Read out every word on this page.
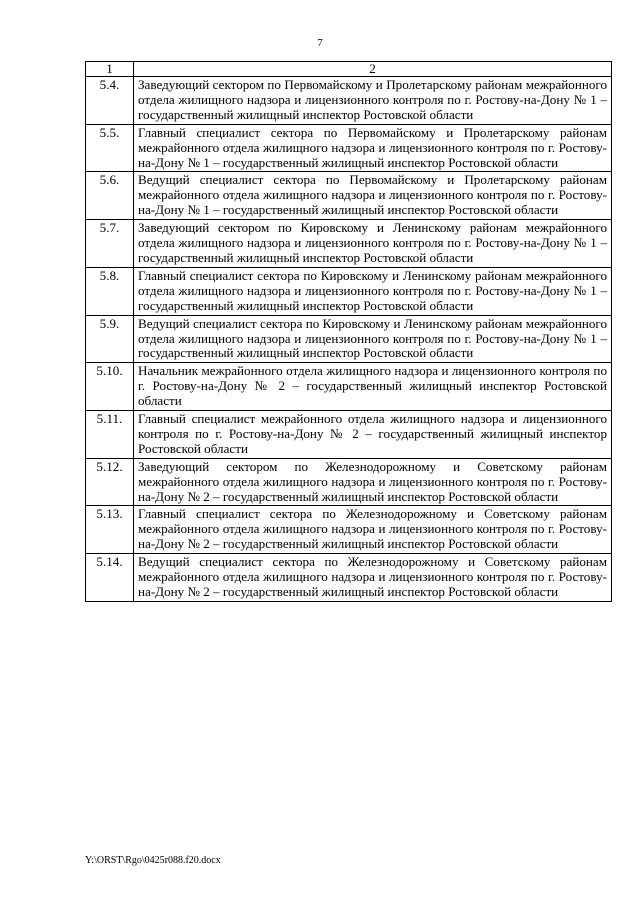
7
1	2
5.4.	Заведующий сектором по Первомайскому и Пролетарскому районам межрайонного отдела жилищного надзора и лицензионного контроля по г. Ростову-на-Дону № 1 – государственный жилищный инспектор Ростовской области
5.5.	Главный специалист сектора по Первомайскому и Пролетарскому районам межрайонного отдела жилищного надзора и лицензионного контроля по г. Ростову-на-Дону № 1 – государственный жилищный инспектор Ростовской области
5.6.	Ведущий специалист сектора по Первомайскому и Пролетарскому районам межрайонного отдела жилищного надзора и лицензионного контроля по г. Ростову-на-Дону № 1 – государственный жилищный инспектор Ростовской области
5.7.	Заведующий сектором по Кировскому и Ленинскому районам межрайонного отдела жилищного надзора и лицензионного контроля по г. Ростову-на-Дону № 1 – государственный жилищный инспектор Ростовской области
5.8.	Главный специалист сектора по Кировскому и Ленинскому районам межрайонного отдела жилищного надзора и лицензионного контроля по г. Ростову-на-Дону № 1 – государственный жилищный инспектор Ростовской области
5.9.	Ведущий специалист сектора по Кировскому и Ленинскому районам межрайонного отдела жилищного надзора и лицензионного контроля по г. Ростову-на-Дону № 1 – государственный жилищный инспектор Ростовской области
5.10.	Начальник межрайонного отдела жилищного надзора и лицензионного контроля по г. Ростову-на-Дону № 2 – государственный жилищный инспектор Ростовской области
5.11.	Главный специалист межрайонного отдела жилищного надзора и лицензионного контроля по г. Ростову-на-Дону № 2 – государственный жилищный инспектор Ростовской области
5.12.	Заведующий сектором по Железнодорожному и Советскому районам межрайонного отдела жилищного надзора и лицензионного контроля по г. Ростову-на-Дону № 2 – государственный жилищный инспектор Ростовской области
5.13.	Главный специалист сектора по Железнодорожному и Советскому районам межрайонного отдела жилищного надзора и лицензионного контроля по г. Ростову-на-Дону № 2 – государственный жилищный инспектор Ростовской области
5.14.	Ведущий специалист сектора по Железнодорожному и Советскому районам межрайонного отдела жилищного надзора и лицензионного контроля по г. Ростову-на-Дону № 2 – государственный жилищный инспектор Ростовской области
Y:\ORST\Rgo\0425r088.f20.docx
